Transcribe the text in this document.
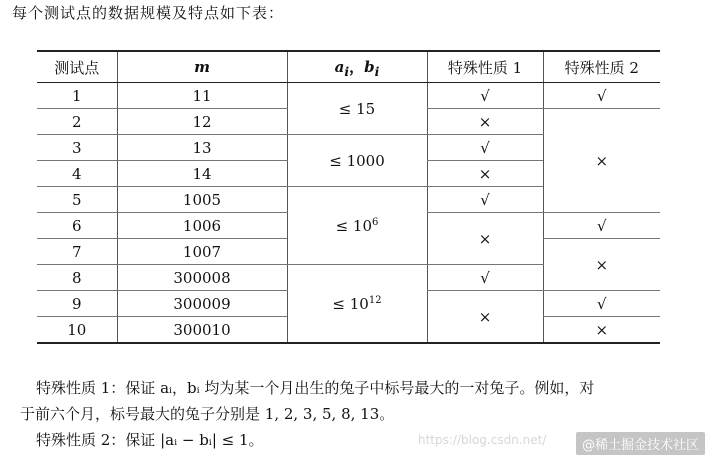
每个测试点的数据规模及特点如下表：
测试点	m	$a_i$，$b_i$	特殊性质 1	特殊性质 2
1	11	≤ 15	√	√
2	12		×	×
3	13	≤ 1000	√	
4	14		×	
5	1005	≤ $10^6$	√	
6	1006		×	√
7	1007			×
8	300008	≤ $10^{12}$	√	
9	300009		×	√
10	300010			×
特殊性质 1：保证 aᵢ，bᵢ 均为某一个月出生的兔子中标号最大的一对兔子。例如，对
于前六个月，标号最大的兔子分别是 1, 2, 3, 5, 8, 13。
特殊性质 2：保证 |aᵢ − bᵢ| ≤ 1。	https://blog.csdn.net/	@稀土掘金技术社区
